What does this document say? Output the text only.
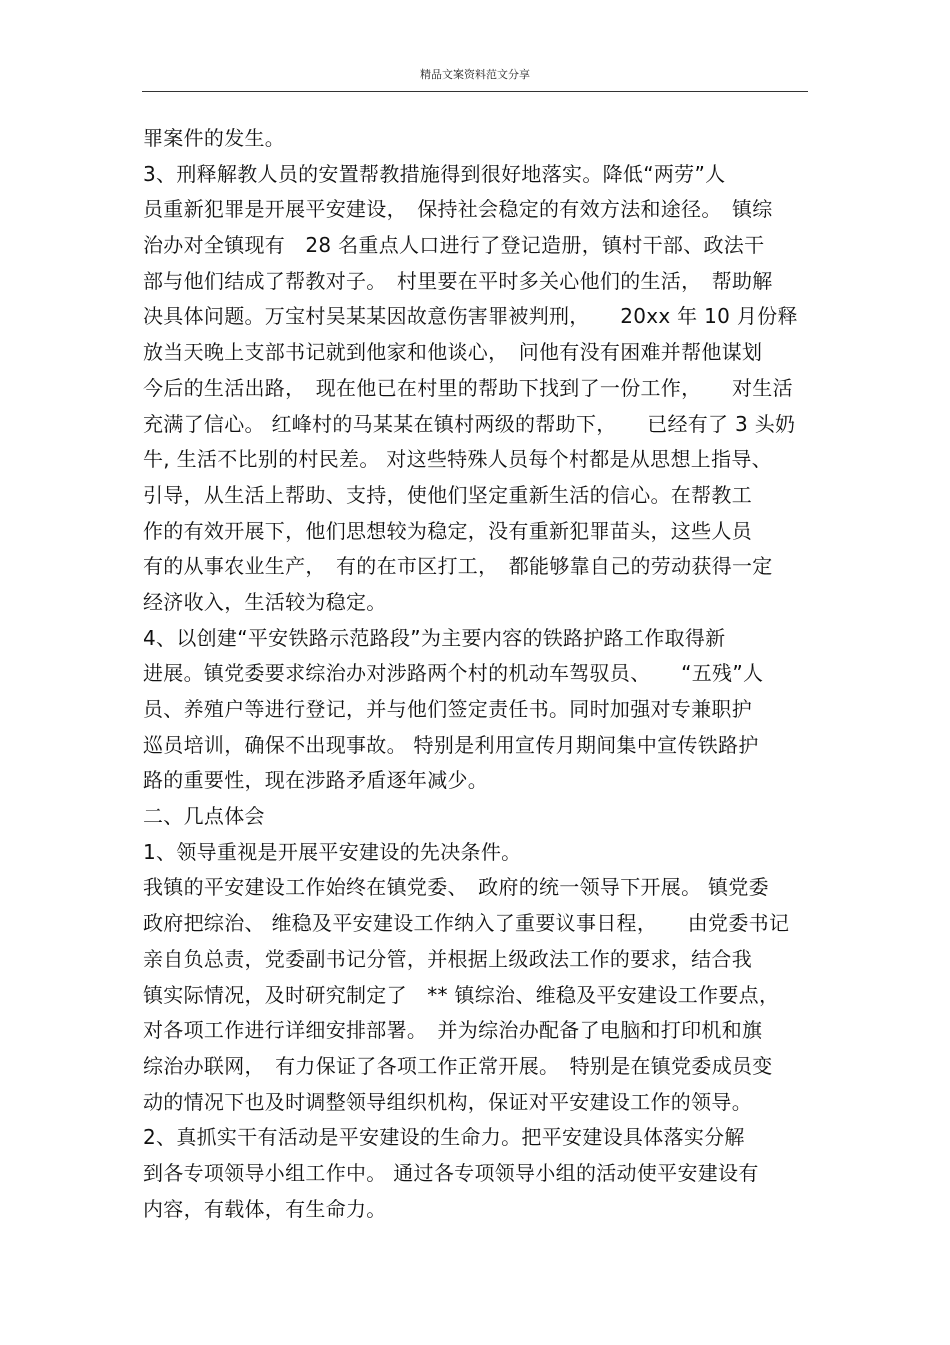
精品文案资料范文分享
罪案件的发生。
3、刑释解教人员的安置帮教措施得到很好地落实。降低“两劳”人
员重新犯罪是开展平安建设，　保持社会稳定的有效方法和途径。　镇综
治办对全镇现有　28 名重点人口进行了登记造册，镇村干部、政法干
部与他们结成了帮教对子。　村里要在平时多关心他们的生活，　帮助解
决具体问题。万宝村吴某某因故意伤害罪被判刑，　　20xx 年 10 月份释
放当天晚上支部书记就到他家和他谈心，　问他有没有困难并帮他谋划
今后的生活出路，　现在他已在村里的帮助下找到了一份工作，　　对生活
充满了信心。 红峰村的马某某在镇村两级的帮助下，　　已经有了 3 头奶
牛, 生活不比别的村民差。 对这些特殊人员每个村都是从思想上指导、
引导，从生活上帮助、支持，使他们坚定重新生活的信心。在帮教工
作的有效开展下，他们思想较为稳定，没有重新犯罪苗头，这些人员
有的从事农业生产，　有的在市区打工，　都能够靠自己的劳动获得一定
经济收入，生活较为稳定。
4、以创建“平安铁路示范路段”为主要内容的铁路护路工作取得新
进展。镇党委要求综治办对涉路两个村的机动车驾驭员、　　“五残”人
员、养殖户等进行登记，并与他们签定责任书。同时加强对专兼职护
巡员培训，确保不出现事故。 特别是利用宣传月期间集中宣传铁路护
路的重要性，现在涉路矛盾逐年减少。
二、几点体会
1、领导重视是开展平安建设的先决条件。
我镇的平安建设工作始终在镇党委、　政府的统一领导下开展。 镇党委
政府把综治、 维稳及平安建设工作纳入了重要议事日程，　　由党委书记
亲自负总责，党委副书记分管，并根据上级政法工作的要求，结合我
镇实际情况，及时研究制定了　** 镇综治、维稳及平安建设工作要点，
对各项工作进行详细安排部署。　并为综治办配备了电脑和打印机和旗
综治办联网，　有力保证了各项工作正常开展。　特别是在镇党委成员变
动的情况下也及时调整领导组织机构，保证对平安建设工作的领导。
2、真抓实干有活动是平安建设的生命力。把平安建设具体落实分解
到各专项领导小组工作中。 通过各专项领导小组的活动使平安建设有
内容，有载体，有生命力。
